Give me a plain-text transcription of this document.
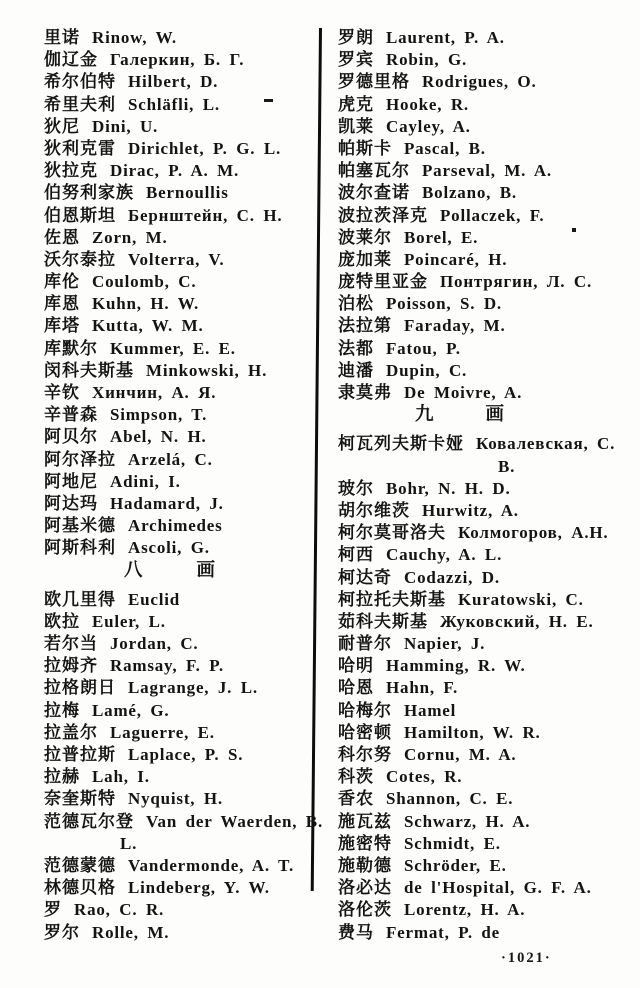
里诺 Rinow, W.
伽辽金 Галеркин, Б. Г.
希尔伯特 Hilbert, D.
希里夫利 Schläfli, L.
狄尼 Dini, U.
狄利克雷 Dirichlet, P. G. L.
狄拉克 Dirac, P. A. M.
伯努利家族 Bernoullis
伯恩斯坦 Бернштейн, С. Н.
佐恩 Zorn, M.
沃尔泰拉 Volterra, V.
库伦 Coulomb, C.
库恩 Kuhn, H. W.
库塔 Kutta, W. M.
库默尔 Kummer, E. E.
闵科夫斯基 Minkowski, H.
辛钦 Хинчин, А. Я.
辛普森 Simpson, T.
阿贝尔 Abel, N. H.
阿尔泽拉 Arzelá, C.
阿地尼 Adini, I.
阿达玛 Hadamard, J.
阿基米德 Archimedes
阿斯科利 Ascoli, G.
八	画
欧几里得 Euclid
欧拉 Euler, L.
若尔当 Jordan, C.
拉姆齐 Ramsay, F. P.
拉格朗日 Lagrange, J. L.
拉梅 Lamé, G.
拉盖尔 Laguerre, E.
拉普拉斯 Laplace, P. S.
拉赫 Lah, I.
奈奎斯特 Nyquist, H.
范德瓦尔登 Van der Waerden, B.
L.
范德蒙德 Vandermonde, A. T.
林德贝格 Lindeberg, Y. W.
罗 Rao, C. R.
罗尔 Rolle, M.
罗朗 Laurent, P. A.
罗宾 Robin, G.
罗德里格 Rodrigues, O.
虎克 Hooke, R.
凯莱 Cayley, A.
帕斯卡 Pascal, B.
帕塞瓦尔 Parseval, M. A.
波尔查诺 Bolzano, B.
波拉茨泽克 Pollaczek, F.
波莱尔 Borel, E.
庞加莱 Poincaré, H.
庞特里亚金 Понтрягин, Л. С.
泊松 Poisson, S. D.
法拉第 Faraday, M.
法都 Fatou, P.
迪潘 Dupin, C.
隶莫弗 De Moivre, A.
九	画
柯瓦列夫斯卡娅 Ковалевская, С.
В.
玻尔 Bohr, N. H. D.
胡尔维茨 Hurwitz, A.
柯尔莫哥洛夫 Колмогоров, А.Н.
柯西 Cauchy, A. L.
柯达奇 Codazzi, D.
柯拉托夫斯基 Kuratowski, C.
茹科夫斯基 Жуковский, Н. Е.
耐普尔 Napier, J.
哈明 Hamming, R. W.
哈恩 Hahn, F.
哈梅尔 Hamel
哈密顿 Hamilton, W. R.
科尔努 Cornu, M. A.
科茨 Cotes, R.
香农 Shannon, C. E.
施瓦兹 Schwarz, H. A.
施密特 Schmidt, E.
施勒德 Schröder, E.
洛必达 de l'Hospital, G. F. A.
洛伦茨 Lorentz, H. A.
费马 Fermat, P. de
·1021·
